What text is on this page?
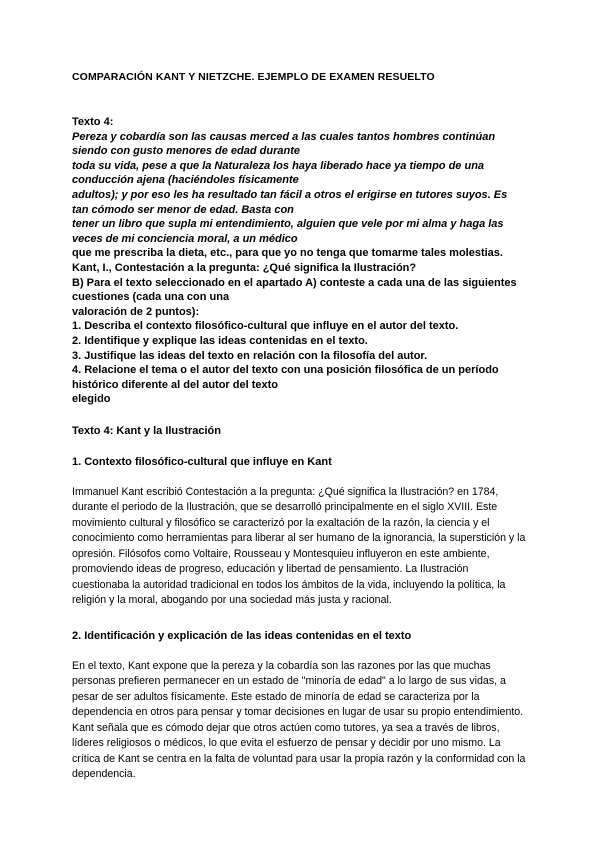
COMPARACIÓN KANT Y NIETZCHE. EJEMPLO DE EXAMEN RESUELTO

Texto 4:
Pereza y cobardía son las causas merced a las cuales tantos hombres continúan
siendo con gusto menores de edad durante
toda su vida, pese a que la Naturaleza los haya liberado hace ya tiempo de una
conducción ajena (haciéndoles físicamente
adultos); y por eso les ha resultado tan fácil a otros el erigirse en tutores suyos. Es
tan cómodo ser menor de edad. Basta con
tener un libro que supla mi entendimiento, alguien que vele por mi alma y haga las
veces de mi conciencia moral, a un médico
que me prescriba la dieta, etc., para que yo no tenga que tomarme tales molestias.
Kant, I., Contestación a la pregunta: ¿Qué significa la Ilustración?
B) Para el texto seleccionado en el apartado A) conteste a cada una de las siguientes
cuestiones (cada una con una
valoración de 2 puntos):
1. Describa el contexto filosófico-cultural que influye en el autor del texto.
2. Identifique y explique las ideas contenidas en el texto.
3. Justifique las ideas del texto en relación con la filosofía del autor.
4. Relacione el tema o el autor del texto con una posición filosófica de un período
histórico diferente al del autor del texto
elegido

Texto 4: Kant y la Ilustración

1. Contexto filosófico-cultural que influye en Kant

Immanuel Kant escribió Contestación a la pregunta: ¿Qué significa la Ilustración? en 1784, durante el periodo de la Ilustración, que se desarrolló principalmente en el siglo XVIII. Este movimiento cultural y filosófico se caracterizó por la exaltación de la razón, la ciencia y el conocimiento como herramientas para liberar al ser humano de la ignorancia, la superstición y la opresión. Filósofos como Voltaire, Rousseau y Montesquieu influyeron en este ambiente, promoviendo ideas de progreso, educación y libertad de pensamiento. La Ilustración cuestionaba la autoridad tradicional en todos los ámbitos de la vida, incluyendo la política, la religión y la moral, abogando por una sociedad más justa y racional.

2. Identificación y explicación de las ideas contenidas en el texto

En el texto, Kant expone que la pereza y la cobardía son las razones por las que muchas personas prefieren permanecer en un estado de "minoría de edad" a lo largo de sus vidas, a pesar de ser adultos físicamente. Este estado de minoría de edad se caracteriza por la dependencia en otros para pensar y tomar decisiones en lugar de usar su propio entendimiento. Kant señala que es cómodo dejar que otros actúen como tutores, ya sea a través de libros, líderes religiosos o médicos, lo que evita el esfuerzo de pensar y decidir por uno mismo. La crítica de Kant se centra en la falta de voluntad para usar la propia razón y la conformidad con la dependencia.
